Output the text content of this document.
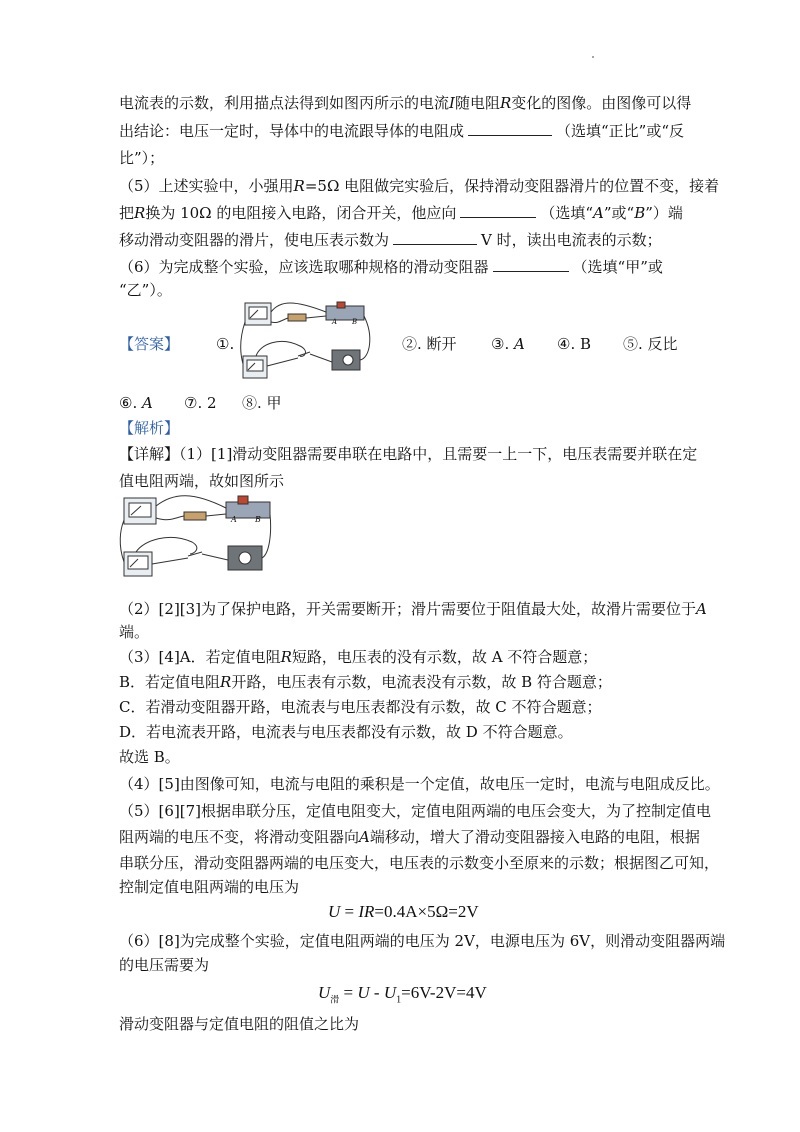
电流表的示数，利用描点法得到如图丙所示的电流I随电阻R变化的图像。由图像可以得
出结论：电压一定时，导体中的电流跟导体的电阻成	（选填“正比”或“反
比”）；
（5）上述实验中，小强用R=5Ω 电阻做完实验后，保持滑动变阻器滑片的位置不变，接着
把R换为 10Ω 的电阻接入电路，闭合开关，他应向	（选填“A”或“B”）端
移动滑动变阻器的滑片，使电压表示数为	V 时，读出电流表的示数；
（6）为完成整个实验，应该选取哪种规格的滑动变阻器	（选填“甲”或
“乙”）。
【答案】 ①.
A B
②. 断开 ③. A ④. B ⑤. 反比
⑥. A ⑦. 2 ⑧. 甲
【解析】
【详解】（1）[1]滑动变阻器需要串联在电路中，且需要一上一下，电压表需要并联在定
值电阻两端，故如图所示
A B
（2）[2][3]为了保护电路，开关需要断开；滑片需要位于阻值最大处，故滑片需要位于A
端。
（3）[4]A．若定值电阻R短路，电压表的没有示数，故 A 不符合题意；
B．若定值电阻R开路，电压表有示数，电流表没有示数，故 B 符合题意；
C．若滑动变阻器开路，电流表与电压表都没有示数，故 C 不符合题意；
D．若电流表开路，电流表与电压表都没有示数，故 D 不符合题意。
故选 B。
（4）[5]由图像可知，电流与电阻的乘积是一个定值，故电压一定时，电流与电阻成反比。
（5）[6][7]根据串联分压，定值电阻变大，定值电阻两端的电压会变大，为了控制定值电
阻两端的电压不变，将滑动变阻器向A端移动，增大了滑动变阻器接入电路的电阻，根据
串联分压，滑动变阻器两端的电压变大，电压表的示数变小至原来的示数；根据图乙可知，
控制定值电阻两端的电压为
U = IR=0.4A×5Ω=2V
（6）[8]为完成整个实验，定值电阻两端的电压为 2V，电源电压为 6V，则滑动变阻器两端
的电压需要为
$U_滑 = U - U_1=6V-2V=4V$
滑动变阻器与定值电阻的阻值之比为
